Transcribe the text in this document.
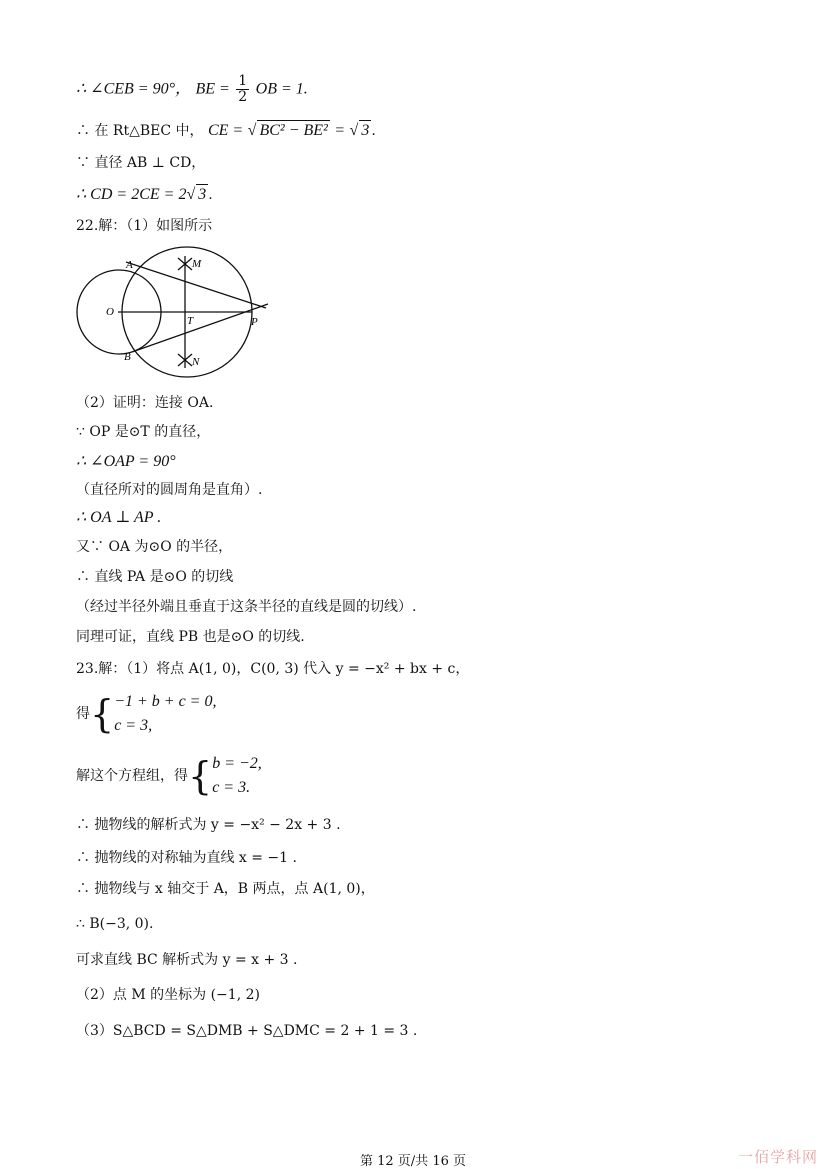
∴ ∠CEB = 90°， BE = $\frac{1}{2}$ OB = 1.
∴ 在 Rt△BEC 中， CE = √ BC² − BE² = √ 3 .
∵ 直径 AB ⊥ CD，
∴ CD = 2CE = 2√ 3 .
22.解：（1）如图所示
A
B
O
T	P
M
N
（2）证明：连接 OA.
∵ OP 是⊙T 的直径，
∴ ∠OAP = 90°
（直径所对的圆周角是直角）.
∴ OA ⊥ AP .
又∵ OA 为⊙O 的半径，
∴ 直线 PA 是⊙O 的切线
（经过半径外端且垂直于这条半径的直线是圆的切线）.
同理可证，直线 PB 也是⊙O 的切线.
23.解：（1）将点 A(1, 0)，C(0, 3) 代入 y = −x² + bx + c，
得{ −1 + b + c = 0,
c = 3,
解这个方程组，得{ b = −2,
c = 3.
∴ 抛物线的解析式为 y = −x² − 2x + 3 .
∴ 抛物线的对称轴为直线 x = −1 .
∴ 抛物线与 x 轴交于 A，B 两点，点 A(1, 0)，
∴ B(−3, 0).
可求直线 BC 解析式为 y = x + 3 .
（2）点 M 的坐标为 (−1, 2)
（3）S△BCD = S△DMB + S△DMC = 2 + 1 = 3 .
第 12 页/共 16 页	一佰学科网
